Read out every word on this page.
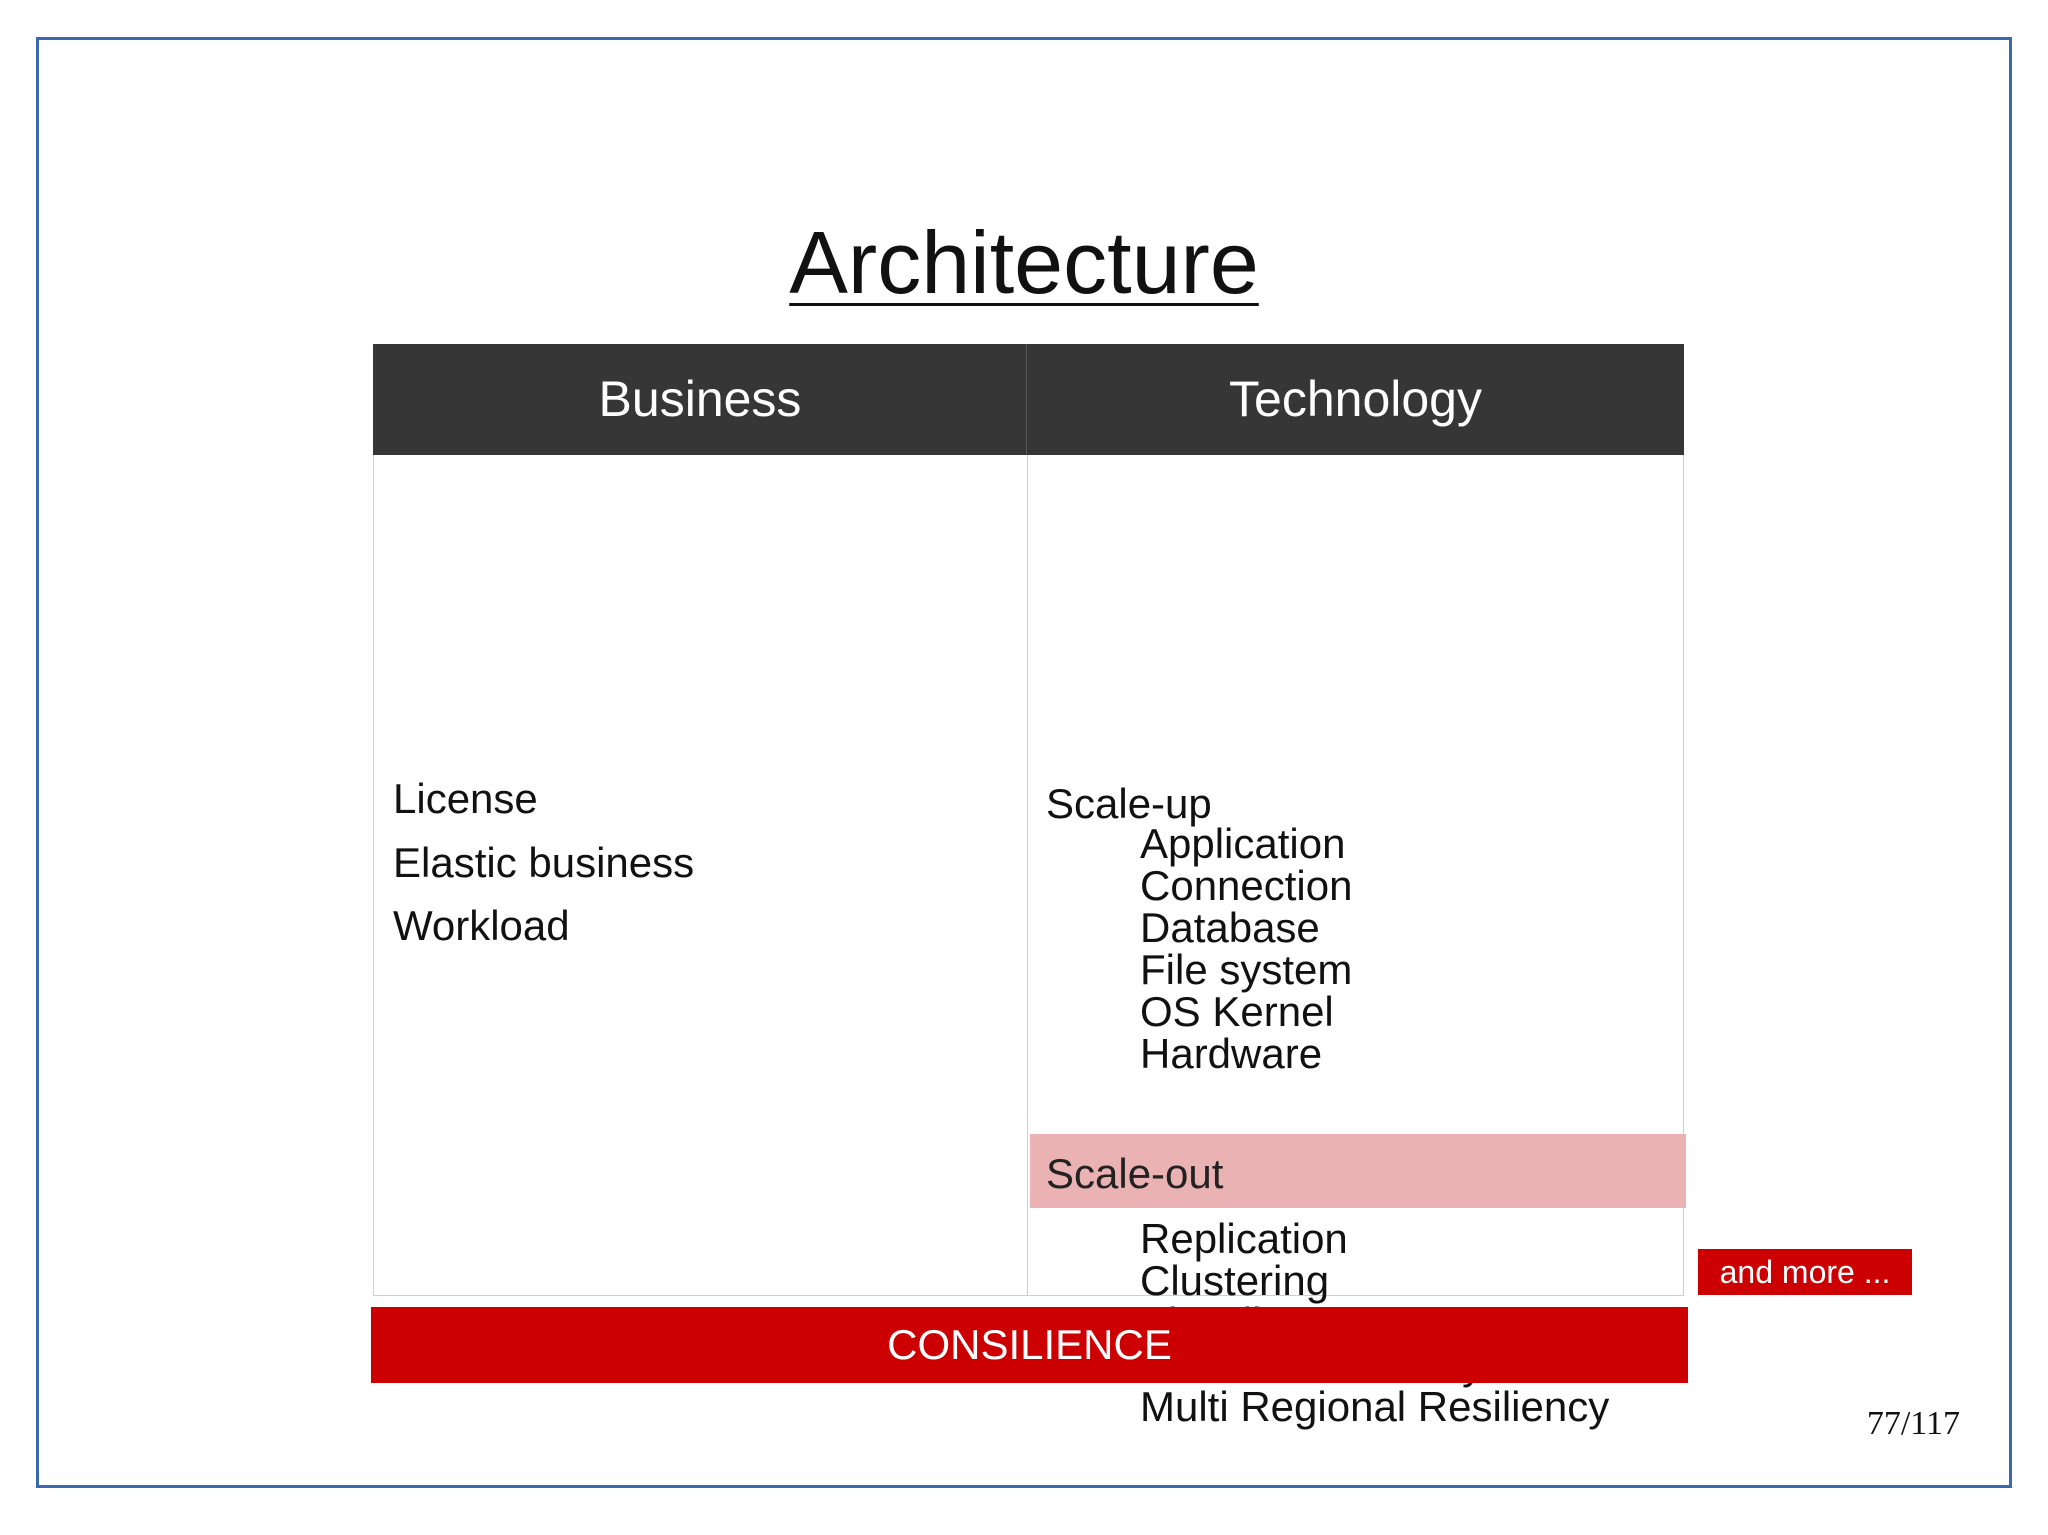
Architecture
Business	Technology
License
Elastic business
Workload
Scale-up
Application
Connection
Database
File system
OS Kernel
Hardware
Scale-out
Replication
Clustering
Multi Regional Resiliency
and more ...
CONSILIENCE
77/117
